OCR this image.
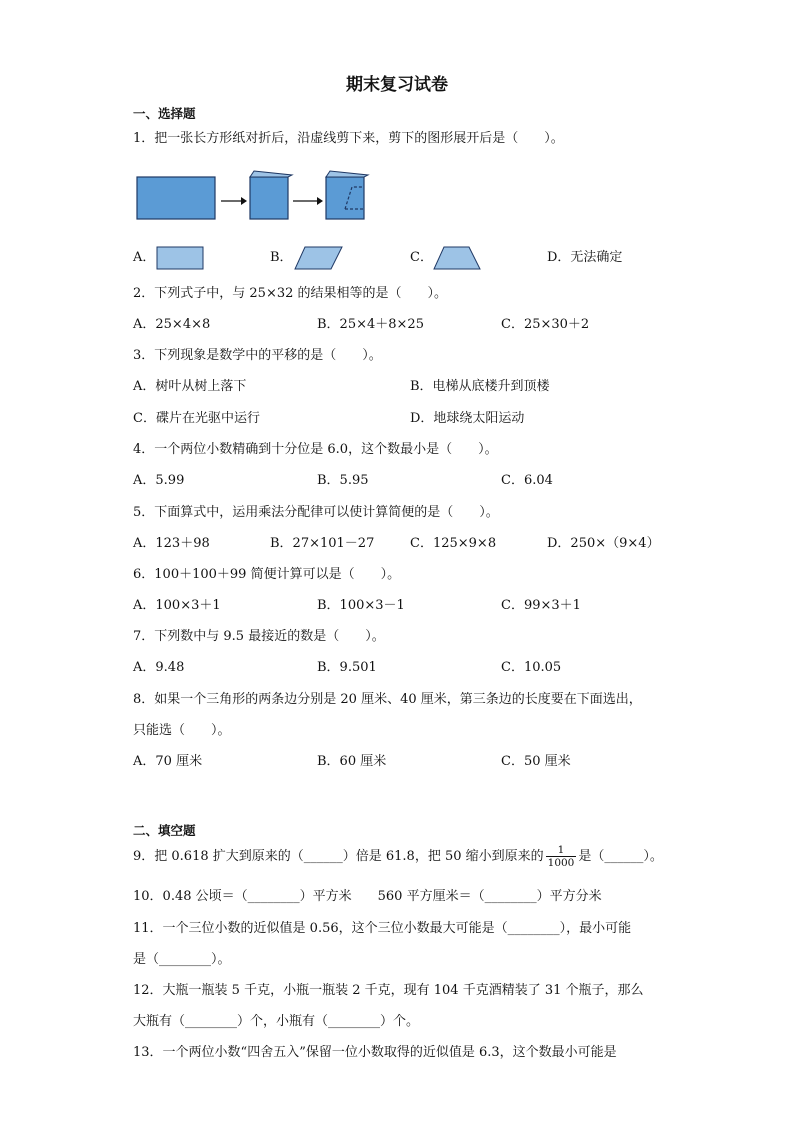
期末复习试卷
一、选择题
1．把一张长方形纸对折后，沿虚线剪下来，剪下的图形展开后是（　　）。
A．	B．	C．	D．无法确定
2．下列式子中，与 25×32 的结果相等的是（　　）。
A．25×4×8	B．25×4＋8×25	C．25×30＋2
3．下列现象是数学中的平移的是（　　）。
A．树叶从树上落下	B．电梯从底楼升到顶楼
C．碟片在光驱中运行	D．地球绕太阳运动
4．一个两位小数精确到十分位是 6.0，这个数最小是（　　）。
A．5.99	B．5.95	C．6.04
5．下面算式中，运用乘法分配律可以使计算简便的是（　　）。
A．123＋98	B．27×101－27	C．125×9×8	D．250×（9×4）
6．100＋100＋99 简便计算可以是（　　）。
A．100×3＋1	B．100×3－1	C．99×3＋1
7．下列数中与 9.5 最接近的数是（　　）。
A．9.48	B．9.501	C．10.05
8．如果一个三角形的两条边分别是 20 厘米、40 厘米，第三条边的长度要在下面选出，
只能选（　　）。
A．70 厘米	B．60 厘米	C．50 厘米
二、填空题
9．把 0.618 扩大到原来的（______）倍是 61.8，把 50 缩小到原来的 $\frac{1}{1000}$ 是（______）。
10．0.48 公顷＝（________）平方米　　560 平方厘米＝（________）平方分米
11．一个三位小数的近似值是 0.56，这个三位小数最大可能是（________），最小可能
是（________）。
12．大瓶一瓶装 5 千克，小瓶一瓶装 2 千克，现有 104 千克酒精装了 31 个瓶子，那么
大瓶有（________）个，小瓶有（________）个。
13．一个两位小数“四舍五入”保留一位小数取得的近似值是 6.3，这个数最小可能是
